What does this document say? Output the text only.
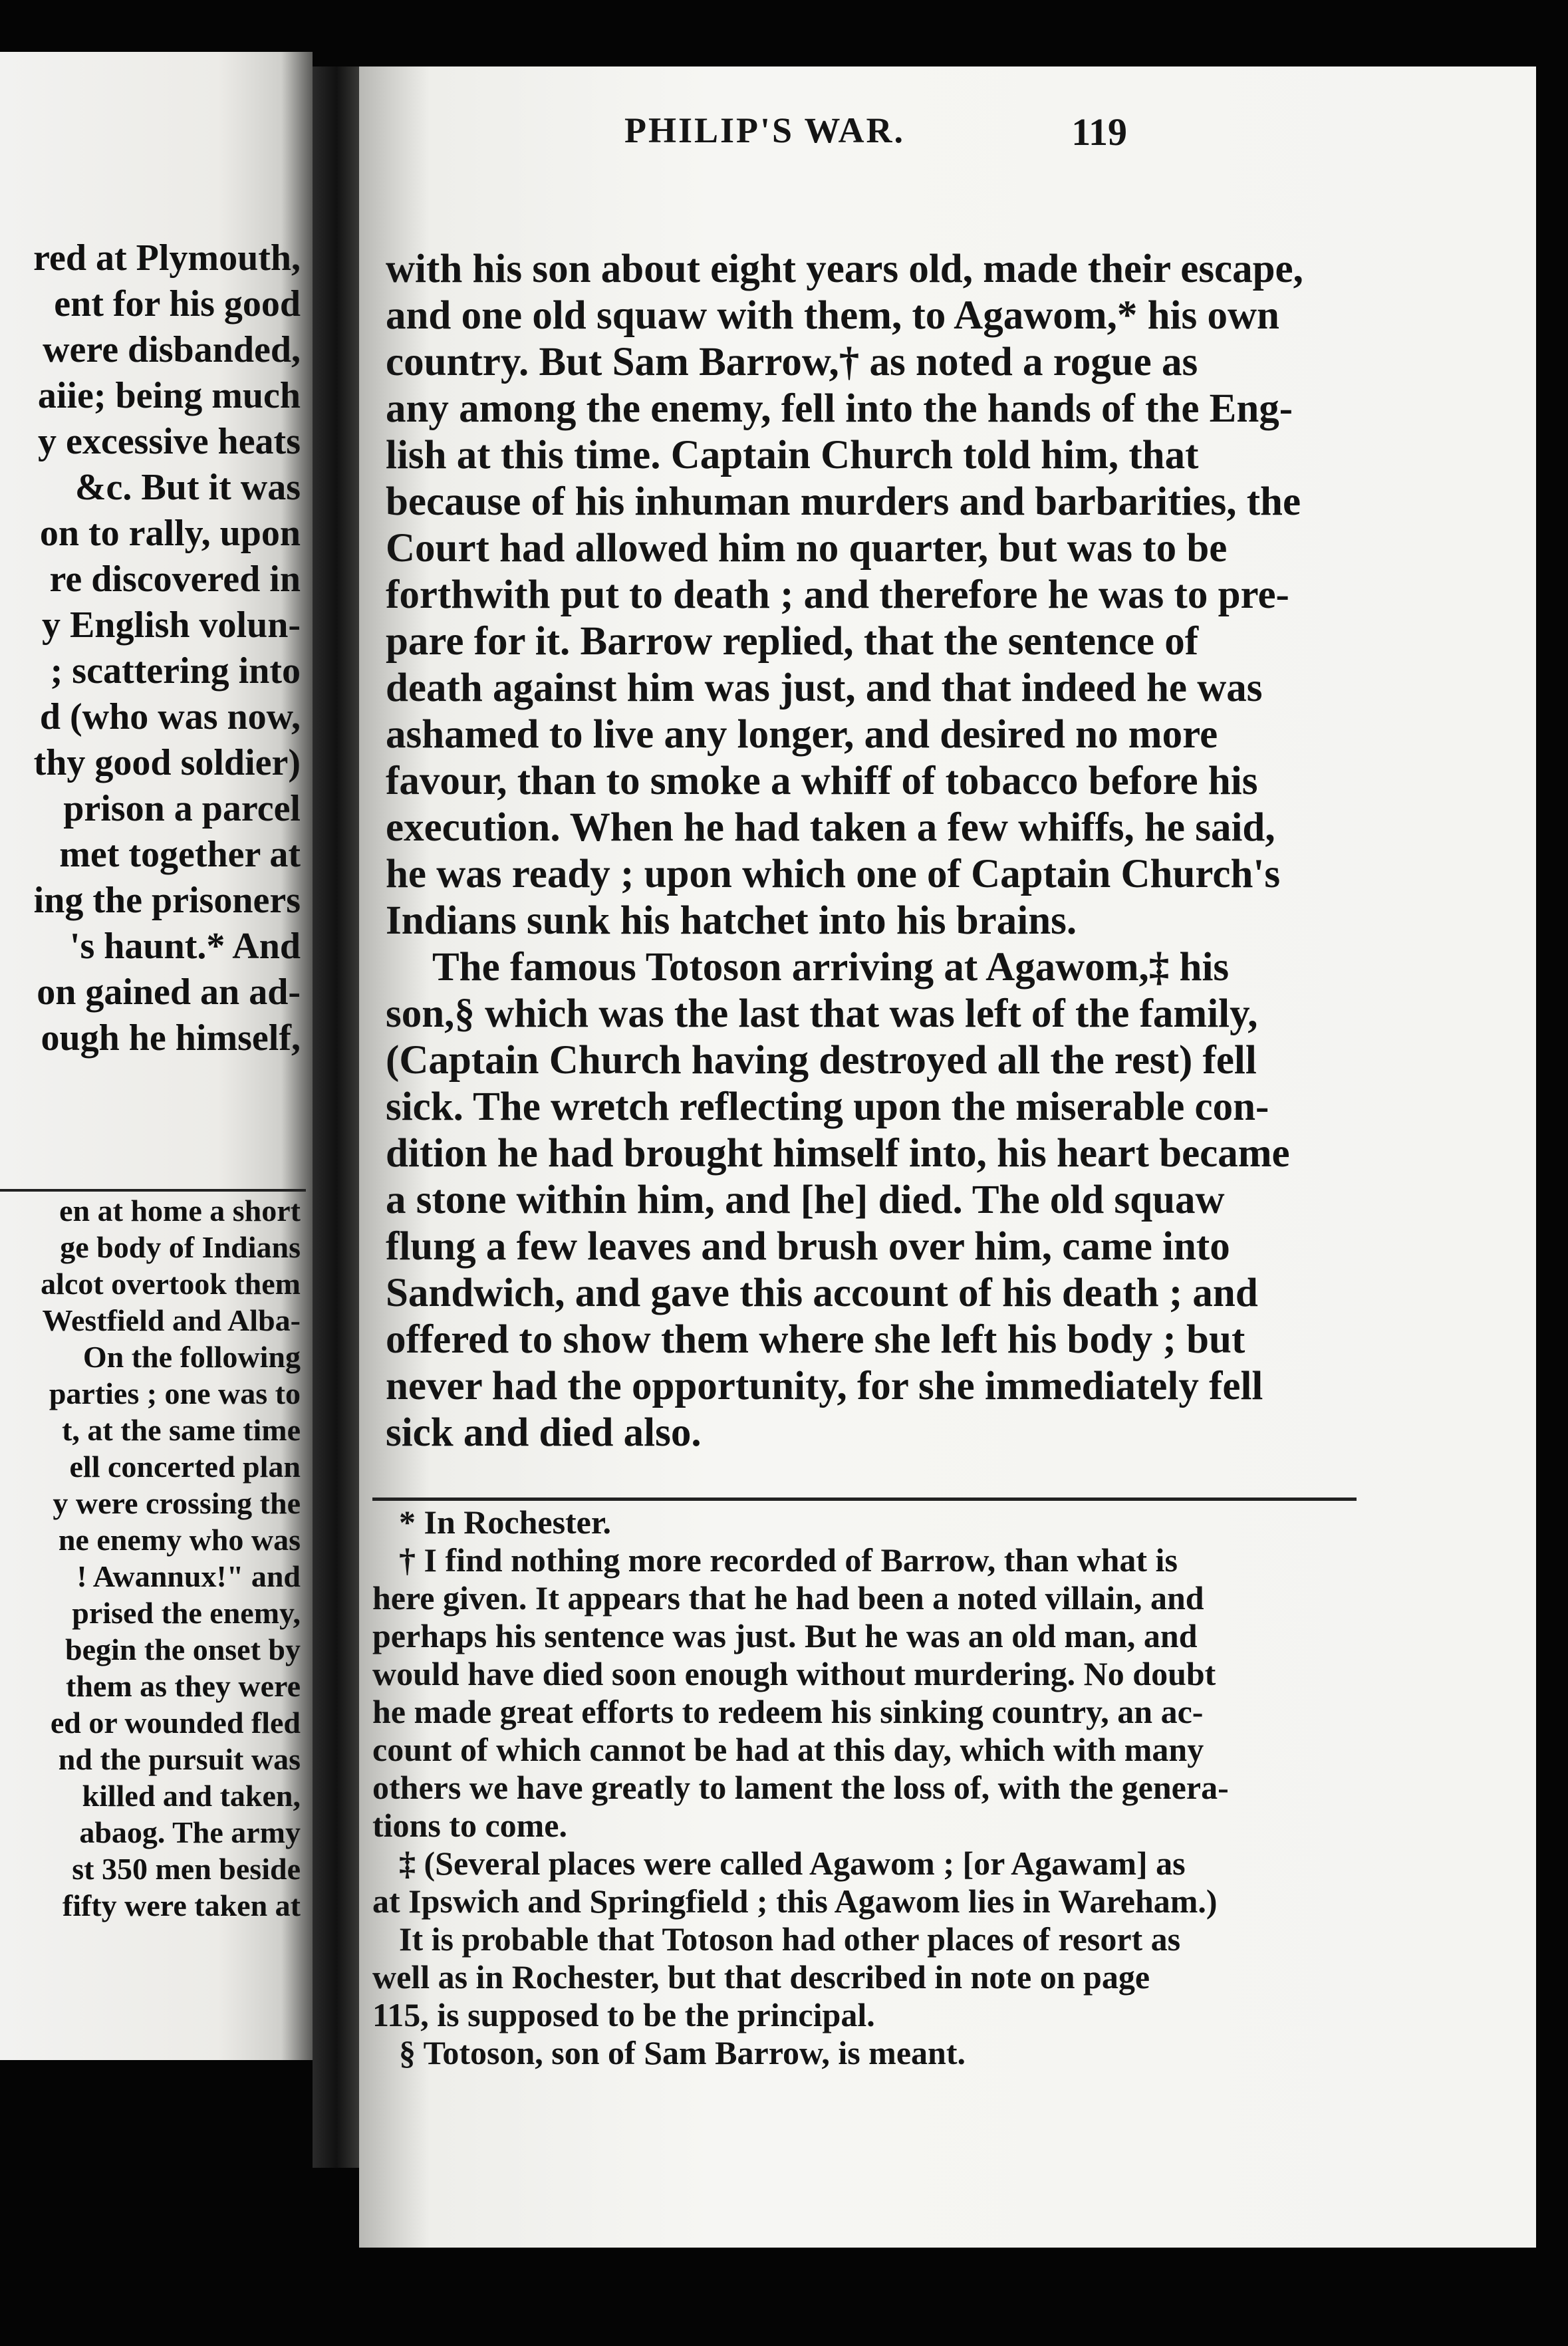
red at Plymouth,
ent for his good
were disbanded,
aiie; being much
y excessive heats
&c. But it was
on to rally, upon
re discovered in
y English volun-
; scattering into
d (who was now,
thy good soldier)
prison a parcel
met together at
ing the prisoners
's haunt.* And
on gained an ad-
ough he himself,
en at home a short
ge body of Indians
alcot overtook them
Westfield and Alba-
On the following
parties ; one was to
t, at the same time
ell concerted plan
y were crossing the
ne enemy who was
! Awannux!" and
prised the enemy,
begin the onset by
them as they were
ed or wounded fled
nd the pursuit was
killed and taken,
abaog. The army
st 350 men beside
fifty were taken at
with his son about eight years old, made their escape,
and one old squaw with them, to Agawom,* his own
country. But Sam Barrow,† as noted a rogue as
any among the enemy, fell into the hands of the Eng-
lish at this time. Captain Church told him, that
because of his inhuman murders and barbarities, the
Court had allowed him no quarter, but was to be
forthwith put to death ; and therefore he was to pre-
pare for it. Barrow replied, that the sentence of
death against him was just, and that indeed he was
ashamed to live any longer, and desired no more
favour, than to smoke a whiff of tobacco before his
execution. When he had taken a few whiffs, he said,
he was ready ; upon which one of Captain Church's
Indians sunk his hatchet into his brains.
The famous Totoson arriving at Agawom,‡ his
son,§ which was the last that was left of the family,
(Captain Church having destroyed all the rest) fell
sick. The wretch reflecting upon the miserable con-
dition he had brought himself into, his heart became
a stone within him, and [he] died. The old squaw
flung a few leaves and brush over him, came into
Sandwich, and gave this account of his death ; and
offered to show them where she left his body ; but
never had the opportunity, for she immediately fell
sick and died also.
* In Rochester.
† I find nothing more recorded of Barrow, than what is
here given. It appears that he had been a noted villain, and
perhaps his sentence was just. But he was an old man, and
would have died soon enough without murdering. No doubt
he made great efforts to redeem his sinking country, an ac-
count of which cannot be had at this day, which with many
others we have greatly to lament the loss of, with the genera-
tions to come.
‡ (Several places were called Agawom ; [or Agawam] as
at Ipswich and Springfield ; this Agawom lies in Wareham.)
It is probable that Totoson had other places of resort as
well as in Rochester, but that described in note on page
115, is supposed to be the principal.
§ Totoson, son of Sam Barrow, is meant.
PHILIP'S WAR.	119
